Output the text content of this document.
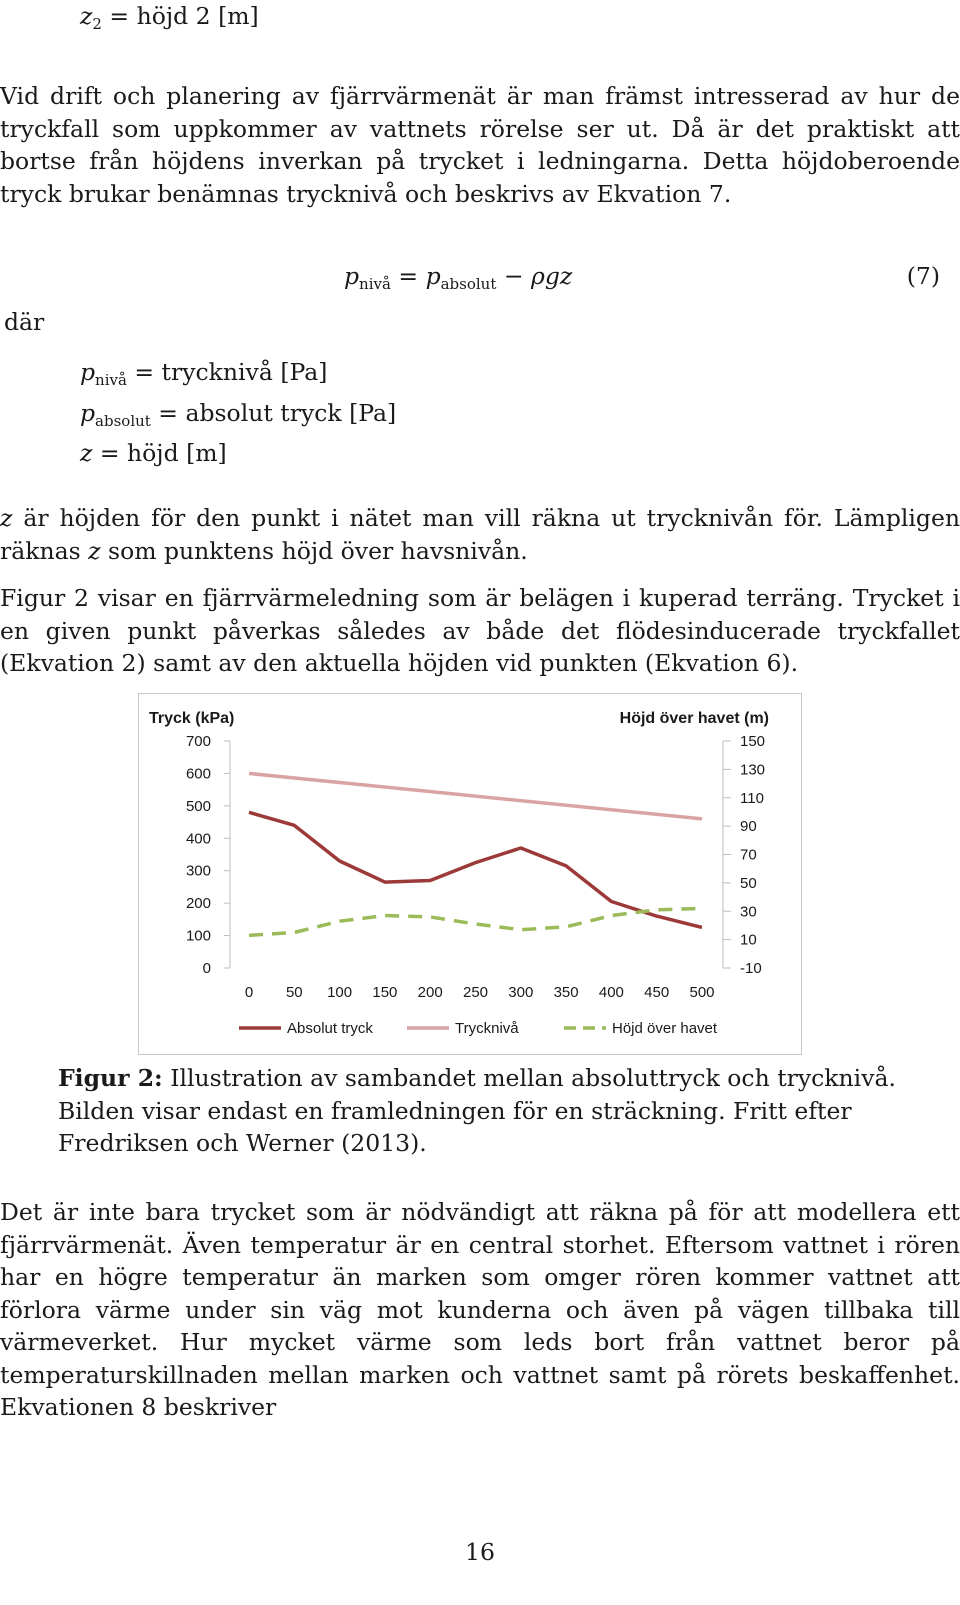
$z_2$ = höjd 2 [m]
Vid drift och planering av fjärrvärmenät är man främst intresserad av hur de tryckfall som uppkommer av vattnets rörelse ser ut. Då är det praktiskt att bortse från höjdens inverkan på trycket i ledningarna. Detta höjdoberoende tryck brukar benämnas trycknivå och beskrivs av Ekvation 7.
$p_{nivå} = p_{absolut} - \rho gz$	(7)
där
$p_{nivå}$ = trycknivå [Pa]
$p_{absolut}$ = absolut tryck [Pa]
z = höjd [m]
z är höjden för den punkt i nätet man vill räkna ut trycknivån för. Lämpligen räknas z som punktens höjd över havsnivån.
Figur 2 visar en fjärrvärmeledning som är belägen i kuperad terräng. Trycket i en given punkt påverkas således av både det flödesinducerade tryckfallet (Ekvation 2) samt av den aktuella höjden vid punkten (Ekvation 6).
Tryck (kPa)	Höjd över havet (m)
0
100
200
300
400
500
600
700
-10
10
30
50
70
90
110
130
150
0 50 100 150 200 250 300 350 400 450 500
Absolut tryck	Trycknivå	Höjd över havet
Figur 2: Illustration av sambandet mellan absoluttryck och trycknivå. Bilden visar endast en framledningen för en sträckning. Fritt efter Fredriksen och Werner (2013).
Det är inte bara trycket som är nödvändigt att räkna på för att modellera ett fjärrvärmenät. Även temperatur är en central storhet. Eftersom vattnet i rören har en högre temperatur än marken som omger rören kommer vattnet att förlora värme under sin väg mot kunderna och även på vägen tillbaka till värmeverket. Hur mycket värme som leds bort från vattnet beror på temperaturskillnaden mellan marken och vattnet samt på rörets beskaffenhet. Ekvationen 8 beskriver
16
